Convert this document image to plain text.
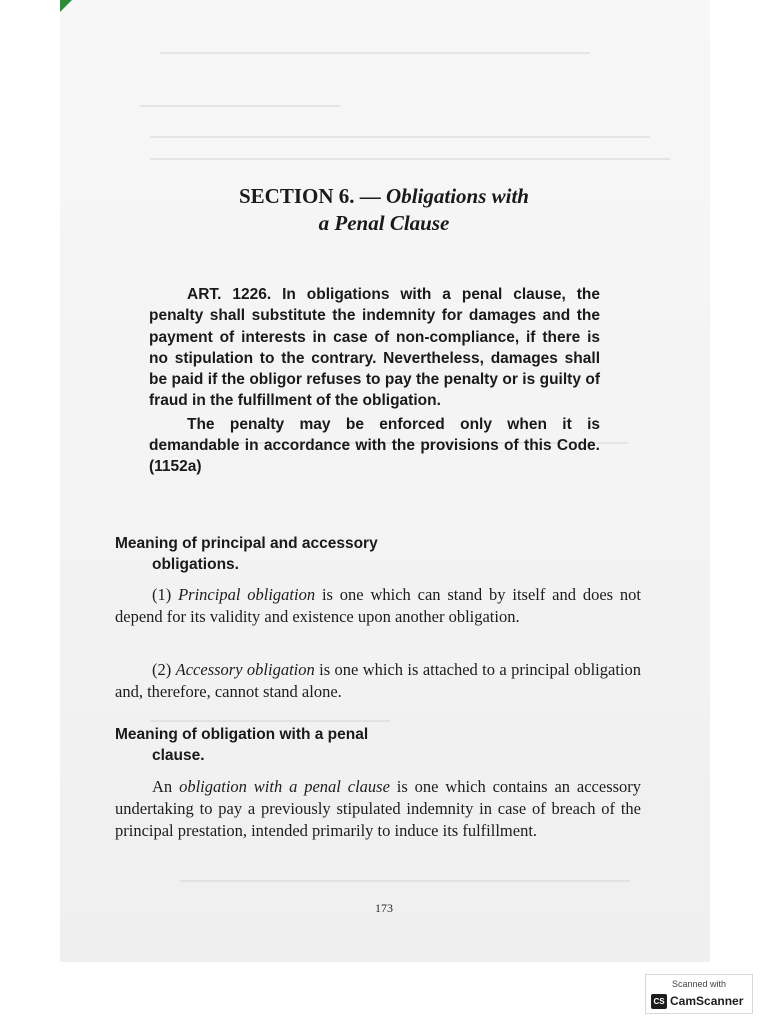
SECTION 6. — Obligations with
a Penal Clause

ART. 1226. In obligations with a penal clause, the penalty shall substitute the indemnity for damages and the payment of interests in case of non-compliance, if there is no stipulation to the contrary. Nevertheless, damages shall be paid if the obligor refuses to pay the penalty or is guilty of fraud in the fulfillment of the obligation.

The penalty may be enforced only when it is demandable in accordance with the provisions of this Code. (1152a)

Meaning of principal and accessory
obligations.

(1) Principal obligation is one which can stand by itself and does not depend for its validity and existence upon another obligation.

(2) Accessory obligation is one which is attached to a principal obligation and, therefore, cannot stand alone.

Meaning of obligation with a penal
clause.

An obligation with a penal clause is one which contains an accessory undertaking to pay a previously stipulated indemnity in case of breach of the principal prestation, intended primarily to induce its fulfillment.

173
Scanned with
CS CamScanner
